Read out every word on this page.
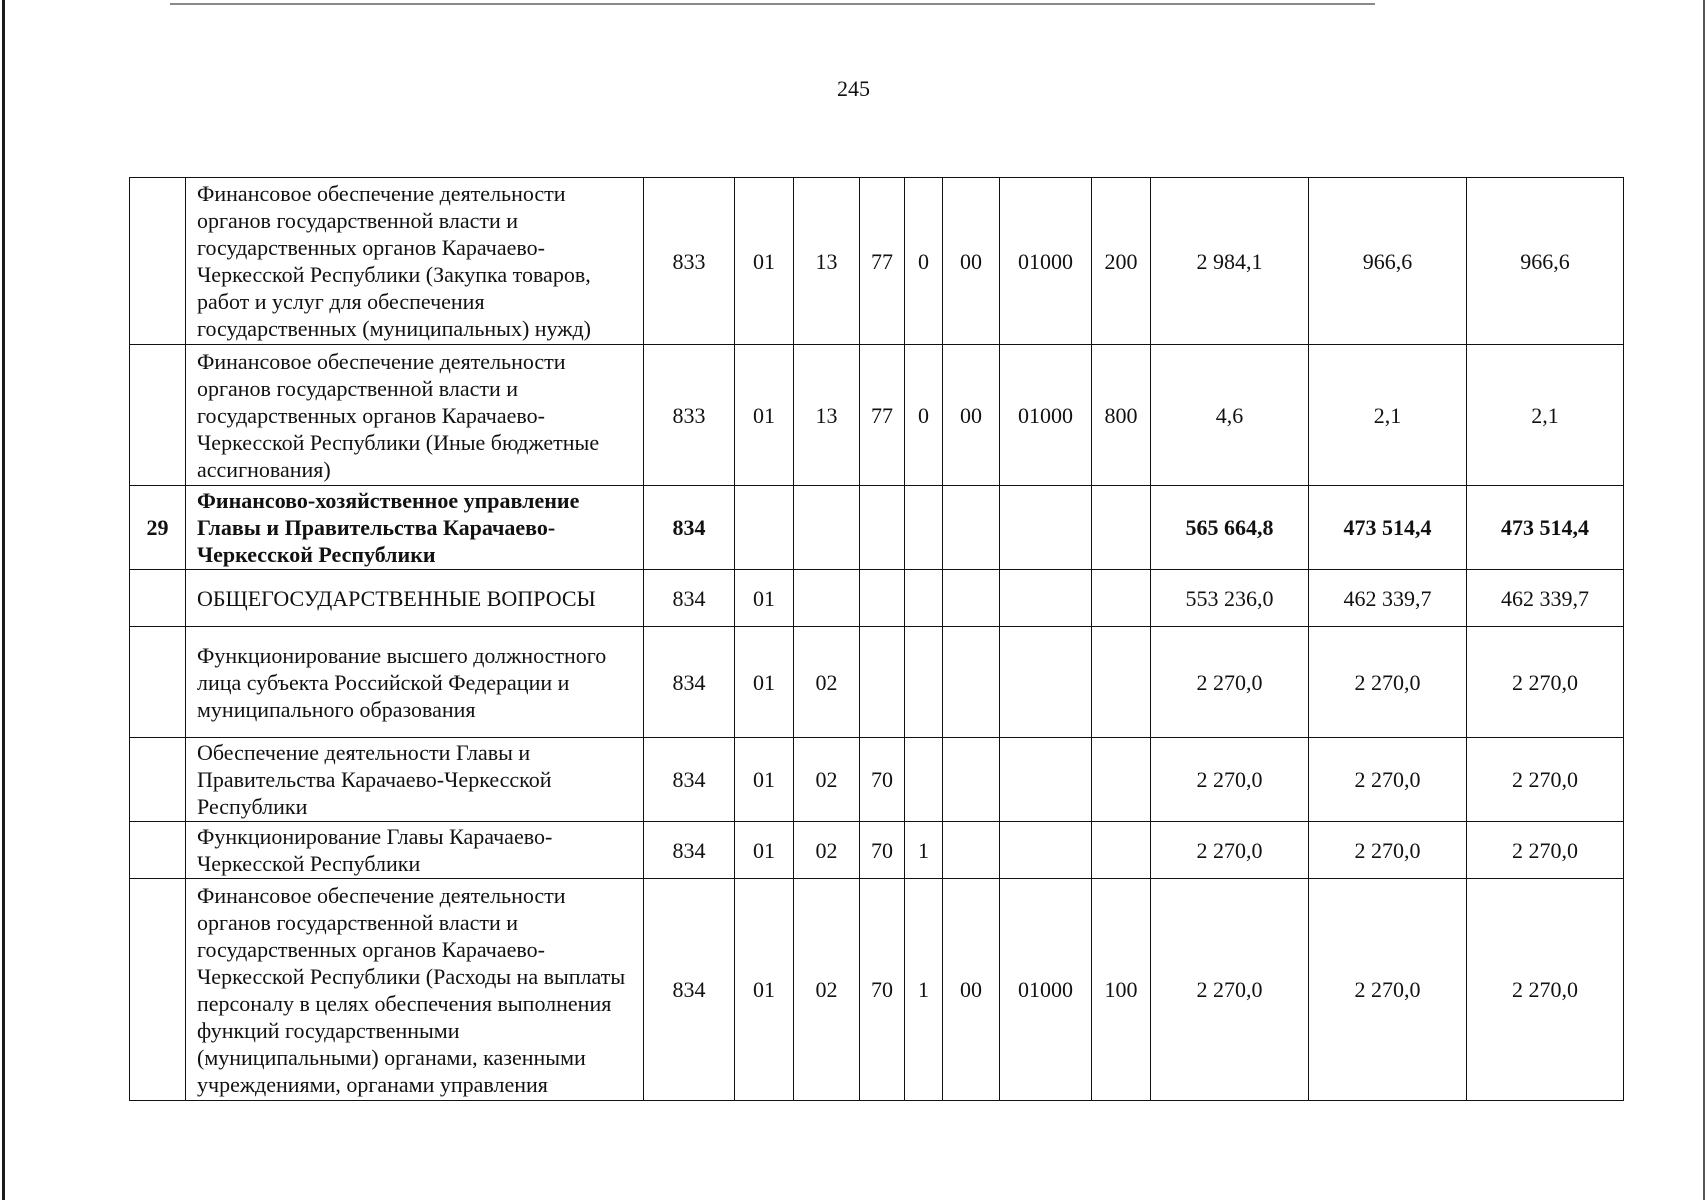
245
	Финансовое обеспечение деятельности органов государственной власти и государственных органов Карачаево-Черкесской Республики (Закупка товаров, работ и услуг для обеспечения государственных (муниципальных) нужд)	833	01	13	77	0	00	01000	200	2 984,1	966,6	966,6
	Финансовое обеспечение деятельности органов государственной власти и государственных органов Карачаево-Черкесской Республики (Иные бюджетные ассигнования)	833	01	13	77	0	00	01000	800	4,6	2,1	2,1
29	Финансово-хозяйственное управление Главы и Правительства Карачаево-Черкесской Республики	834								565 664,8	473 514,4	473 514,4
	ОБЩЕГОСУДАРСТВЕННЫЕ ВОПРОСЫ	834	01							553 236,0	462 339,7	462 339,7
	Функционирование высшего должностного лица субъекта Российской Федерации и муниципального образования	834	01	02						2 270,0	2 270,0	2 270,0
	Обеспечение деятельности Главы и Правительства Карачаево-Черкесской Республики	834	01	02	70					2 270,0	2 270,0	2 270,0
	Функционирование Главы Карачаево-Черкесской Республики	834	01	02	70	1				2 270,0	2 270,0	2 270,0
	Финансовое обеспечение деятельности органов государственной власти и государственных органов Карачаево-Черкесской Республики (Расходы на выплаты персоналу в целях обеспечения выполнения функций государственными (муниципальными) органами, казенными учреждениями, органами управления	834	01	02	70	1	00	01000	100	2 270,0	2 270,0	2 270,0
